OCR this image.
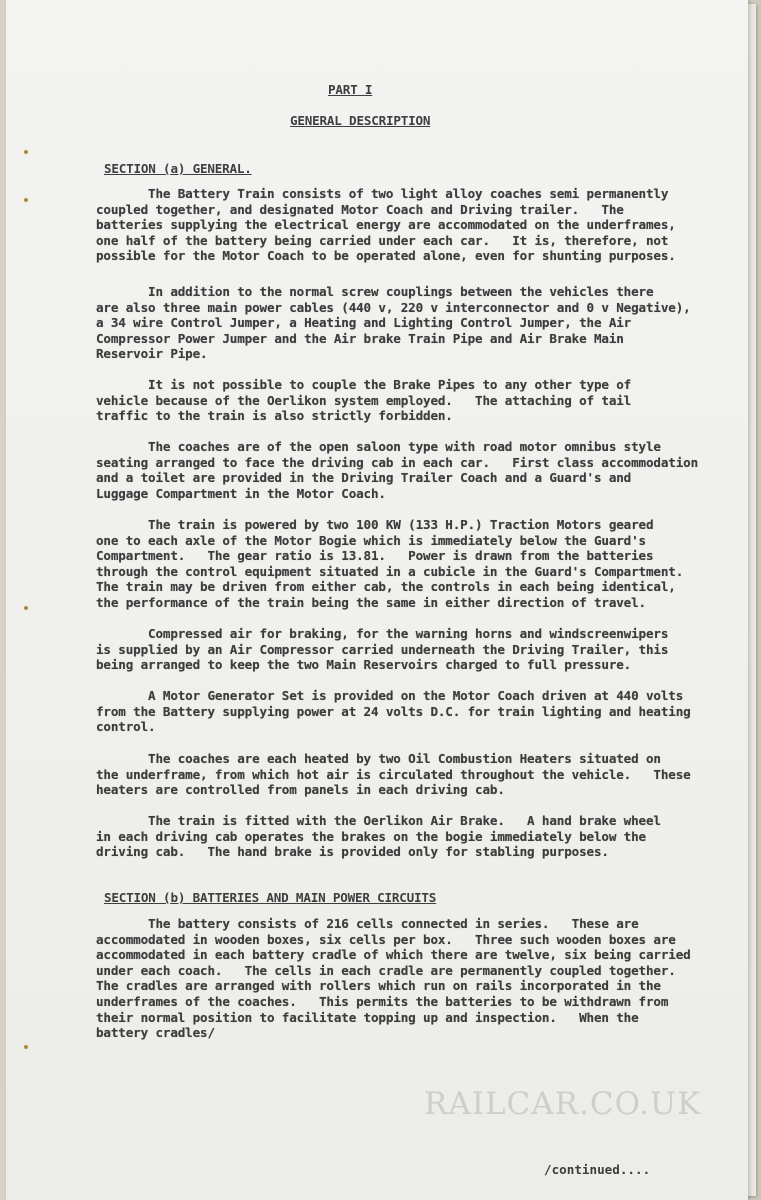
PART I
GENERAL DESCRIPTION
SECTION (a) GENERAL.
The Battery Train consists of two light alloy coaches semi permanently
coupled together, and designated Motor Coach and Driving trailer.   The
batteries supplying the electrical energy are accommodated on the underframes,
one half of the battery being carried under each car.   It is, therefore, not
possible for the Motor Coach to be operated alone, even for shunting purposes.
In addition to the normal screw couplings between the vehicles there
are also three main power cables (440 v, 220 v interconnector and 0 v Negative),
a 34 wire Control Jumper, a Heating and Lighting Control Jumper, the Air
Compressor Power Jumper and the Air brake Train Pipe and Air Brake Main
Reservoir Pipe.
It is not possible to couple the Brake Pipes to any other type of
vehicle because of the Oerlikon system employed.   The attaching of tail
traffic to the train is also strictly forbidden.
The coaches are of the open saloon type with road motor omnibus style
seating arranged to face the driving cab in each car.   First class accommodation
and a toilet are provided in the Driving Trailer Coach and a Guard's and
Luggage Compartment in the Motor Coach.
The train is powered by two 100 KW (133 H.P.) Traction Motors geared
one to each axle of the Motor Bogie which is immediately below the Guard's
Compartment.   The gear ratio is 13.81.   Power is drawn from the batteries
through the control equipment situated in a cubicle in the Guard's Compartment.
The train may be driven from either cab, the controls in each being identical,
the performance of the train being the same in either direction of travel.
Compressed air for braking, for the warning horns and windscreenwipers
is supplied by an Air Compressor carried underneath the Driving Trailer, this
being arranged to keep the two Main Reservoirs charged to full pressure.
A Motor Generator Set is provided on the Motor Coach driven at 440 volts
from the Battery supplying power at 24 volts D.C. for train lighting and heating
control.
The coaches are each heated by two Oil Combustion Heaters situated on
the underframe, from which hot air is circulated throughout the vehicle.   These
heaters are controlled from panels in each driving cab.
The train is fitted with the Oerlikon Air Brake.   A hand brake wheel
in each driving cab operates the brakes on the bogie immediately below the
driving cab.   The hand brake is provided only for stabling purposes.
SECTION (b) BATTERIES AND MAIN POWER CIRCUITS
The battery consists of 216 cells connected in series.   These are
accommodated in wooden boxes, six cells per box.   Three such wooden boxes are
accommodated in each battery cradle of which there are twelve, six being carried
under each coach.   The cells in each cradle are permanently coupled together.
The cradles are arranged with rollers which run on rails incorporated in the
underframes of the coaches.   This permits the batteries to be withdrawn from
their normal position to facilitate topping up and inspection.   When the
battery cradles/
RAILCAR.CO.UK
/continued....
